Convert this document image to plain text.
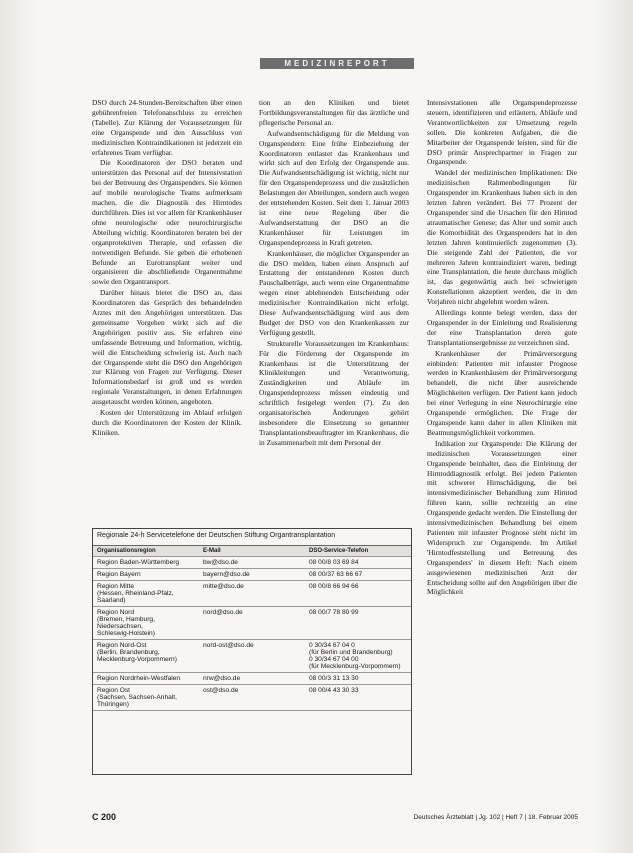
MEDIZINREPORT

DSO durch 24-Stunden-Bereitschaften über einen gebührenfreien Telefonanschluss zu erreichen (Tabelle). Zur Klärung der Voraussetzungen für eine Organspende und den Ausschluss von medizinischen Kontraindikationen ist jederzeit ein erfahrenes Team verfügbar.

Die Koordinatoren der DSO beraten und unterstützen das Personal auf der Intensivstation bei der Betreuung des Organspenders. Sie können auf mobile neurologische Teams aufmerksam machen, die die Diagnostik des Hirntodes durchführen. Dies ist vor allem für Krankenhäuser ohne neurologische oder neurochirurgische Abteilung wichtig. Koordinatoren beraten bei der organprotektiven Therapie, und erfassen die notwendigen Befunde. Sie geben die erhobenen Befunde an Eurotransplant weiter und organisieren die abschließende Organentnahme sowie den Organtransport.

Darüber hinaus bietet die DSO an, dass Koordinatoren das Gespräch des behandelnden Arztes mit den Angehörigen unterstützen. Das gemeinsame Vorgehen wirkt sich auf die Angehörigen positiv aus. Sie erfahren eine umfassende Betreuung und Information, wichtig, weil die Entscheidung schwierig ist. Auch nach der Organspende steht die DSO den Angehörigen zur Klärung von Fragen zur Verfügung. Dieser Informationsbedarf ist groß und es werden regionale Veranstaltungen, in denen Erfahrungen ausgetauscht werden können, angeboten.

Kosten der Unterstützung im Ablauf erfolgen durch die Koordinatoren der Kosten der Klinik. Kliniken.

tion an den Kliniken und bietet Fortbildungsveranstaltungen für das ärztliche und pflegerische Personal an.

Aufwandsentschädigung für die Meldung von Organspendern: Eine frühe Einbeziehung der Koordinatoren entlastet das Krankenhaus und wirkt sich auf den Erfolg der Organspende aus. Die Aufwandsentschädigung ist wichtig, nicht nur für den Organspendeprozess und die zusätzlichen Belastungen der Abteilungen, sondern auch wegen der entstehenden Kosten. Seit dem 1. Januar 2003 ist eine neue Regelung über die Aufwandserstattung der DSO an die Krankenhäuser für Leistungen im Organspendeprozess in Kraft getreten.

Krankenhäuser, die möglicher Organspender an die DSO melden, haben einen Anspruch auf Erstattung der entstandenen Kosten durch Pauschalbeträge, auch wenn eine Organentnahme wegen einer ablehnenden Entscheidung oder medizinischer Kontraindikation nicht erfolgt. Diese Aufwandsentschädigung wird aus dem Budget der DSO von den Krankenkassen zur Verfügung gestellt.

Strukturelle Voraussetzungen im Krankenhaus: Für die Förderung der Organspende im Krankenhaus ist die Unterstützung der Klinikleitungen und Verantwortung, Zuständigkeiten und Abläufe im Organspendeprozess müssen eindeutig und schriftlich festgelegt werden (7). Zu den organisatorischen Änderungen gehört insbesondere die Einsetzung so genannter Transplantationsbeauftragter im Krankenhaus, die in Zusammenarbeit mit dem Personal der

Intensivstationen alle Organspendeprozesse steuern, identifizieren und erläutern, Abläufe und Verantwortlichkeiten zur Umsetzung regeln sollen. Die konkreten Aufgaben, die die Mitarbeiter der Organspende leisten, sind für die DSO primär Ansprechpartner in Fragen zur Organspende.

Wandel der medizinischen Implikationen: Die medizinischen Rahmenbedingungen für Organspender im Krankenhaus haben sich in den letzten Jahren verändert. Bei 77 Prozent der Organspender sind die Ursachen für den Hirntod atraumatischer Genese; das Alter und somit auch die Komorbidität des Organspenders hat in den letzten Jahren kontinuierlich zugenommen (3). Die steigende Zahl der Patienten, die vor mehreren Jahren kontraindiziert waren, bedingt eine Transplantation, die heute durchaus möglich ist, das gegenwärtig auch bei schwierigen Konstellationen akzeptiert werden, die in den Vorjahren nicht abgelehnt worden wären.

Allerdings konnte belegt werden, dass der Organspender in der Einleitung und Realisierung der eine Transplantation deren gute Transplantationsergebnisse zu verzeichnen sind.

Krankenhäuser der Primärversorgung einbinden: Patienten mit infauster Prognose werden in Krankenhäusern der Primärversorgung behandelt, die nicht über ausreichende Möglichkeiten verfügen. Der Patient kann jedoch bei einer Verlegung in eine Neurochirurgie eine Organspende ermöglichen. Die Frage der Organspende kann daher in allen Kliniken mit Beatmungsmöglichkeit vorkommen.

Indikation zur Organspende: Die Klärung der medizinischen Voraussetzungen einer Organspende beinhaltet, dass die Einleitung der Hirntoddiagnostik erfolgt. Bei jedem Patienten mit schwerer Hirnschädigung, die bei intensivmedizinischer Behandlung zum Hirntod führen kann, sollte rechtzeitig an eine Organspende gedacht werden. Die Einstellung der intensivmedizinischen Behandlung bei einem Patienten mit infauster Prognose steht nicht im Widerspruch zur Organspende. Im Artikel 'Hirntodfeststellung und Betreuung des Organspenders' in diesem Heft: Nach einem ausgewiesenen medizinischen Arzt der Entscheidung sollte auf den Angehörigen über die Möglichkeit

Regionale 24-h Servicetelefone der Deutschen Stiftung Organtransplantation
Organisationsregion	E-Mail	DSO-Service-Telefon
Region Baden-Württemberg	bw@dso.de	08 00/8 03 69 84
Region Bayern	bayern@dso.de	08 00/37 63 66 67
Region Mitte
(Hessen, Rheinland-Pfalz, Saarland)	mitte@dso.de	08 00/8 66 94 66
Region Nord
(Bremen, Hamburg, Niedersachsen,
Schleswig-Holstein)	nord@dso.de	08 00/7 78 80 99
Region Nord-Ost
(Berlin, Brandenburg,
Mecklenburg-Vorpommern)	nord-ost@dso.de	0 30/34 67 04 0
(für Berlin und Brandenburg)
0 30/34 67 04 00
(für Mecklenburg-Vorpommern)
Region Nordrhein-Westfalen	nrw@dso.de	08 00/3 31 13 30
Region Ost
(Sachsen, Sachsen-Anhalt, Thüringen)	ost@dso.de	08 00/4 43 30 33
C 200	Deutsches Ärzteblatt | Jg. 102 | Heft 7 | 18. Februar 2005
